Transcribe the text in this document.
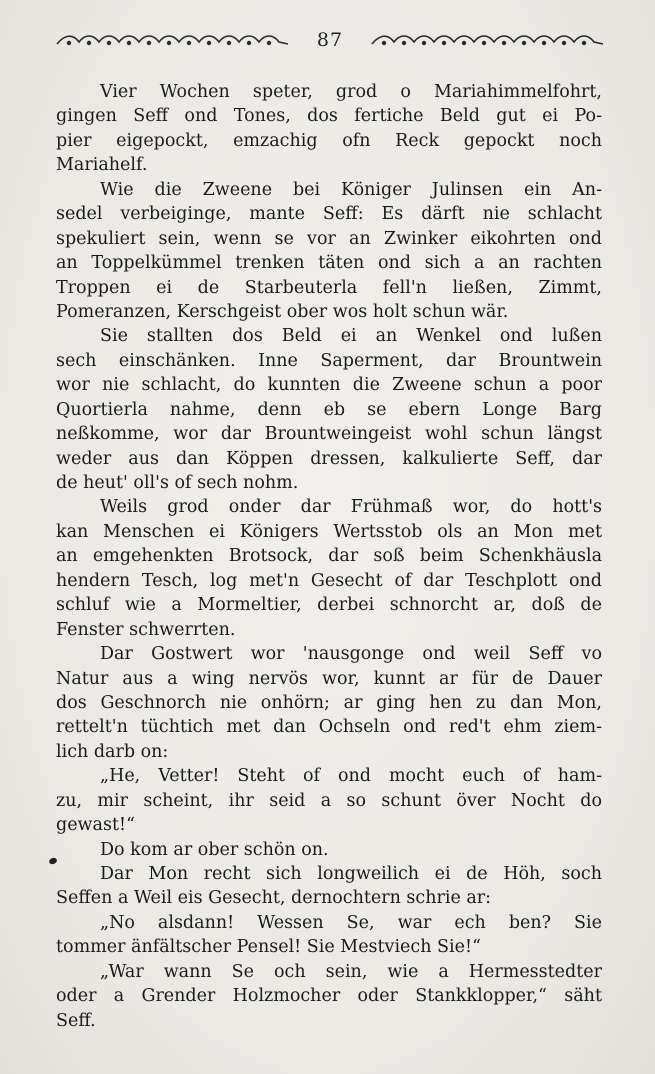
87
Vier Wochen speter, grod o Mariahimmelfohrt,
gingen Seff ond Tones, dos fertiche Beld gut ei Po-
pier eigepockt, emzachig ofn Reck gepockt noch
Mariahelf.
Wie die Zweene bei Königer Julinsen ein An-
sedel verbeiginge, mante Seff: Es därft nie schlacht
spekuliert sein, wenn se vor an Zwinker eikohrten ond
an Toppelkümmel trenken täten ond sich a an rachten
Troppen ei de Starbeuterla fell'n ließen, Zimmt,
Pomeranzen, Kerschgeist ober wos holt schun wär.
Sie stallten dos Beld ei an Wenkel ond lußen
sech einschänken. Inne Saperment, dar Brountwein
wor nie schlacht, do kunnten die Zweene schun a poor
Quortierla nahme, denn eb se ebern Longe Barg
neßkomme, wor dar Brountweingeist wohl schun längst
weder aus dan Köppen dressen, kalkulierte Seff, dar
de heut' oll's of sech nohm.
Weils grod onder dar Frühmaß wor, do hott's
kan Menschen ei Königers Wertsstob ols an Mon met
an emgehenkten Brotsock, dar soß beim Schenkhäusla
hendern Tesch, log met'n Gesecht of dar Teschplott ond
schluf wie a Mormeltier, derbei schnorcht ar, doß de
Fenster schwerrten.
Dar Gostwert wor 'nausgonge ond weil Seff vo
Natur aus a wing nervös wor, kunnt ar für de Dauer
dos Geschnorch nie onhörn; ar ging hen zu dan Mon,
rettelt'n tüchtich met dan Ochseln ond red't ehm ziem-
lich darb on:
„He, Vetter! Steht of ond mocht euch of ham-
zu, mir scheint, ihr seid a so schunt över Nocht do
gewast!“
Do kom ar ober schön on.
Dar Mon recht sich longweilich ei de Höh, soch
Seffen a Weil eis Gesecht, dernochtern schrie ar:
„No alsdann! Wessen Se, war ech ben? Sie
tommer änfältscher Pensel! Sie Mestviech Sie!“
„War wann Se och sein, wie a Hermesstedter
oder a Grender Holzmocher oder Stankklopper,“ säht
Seff.
